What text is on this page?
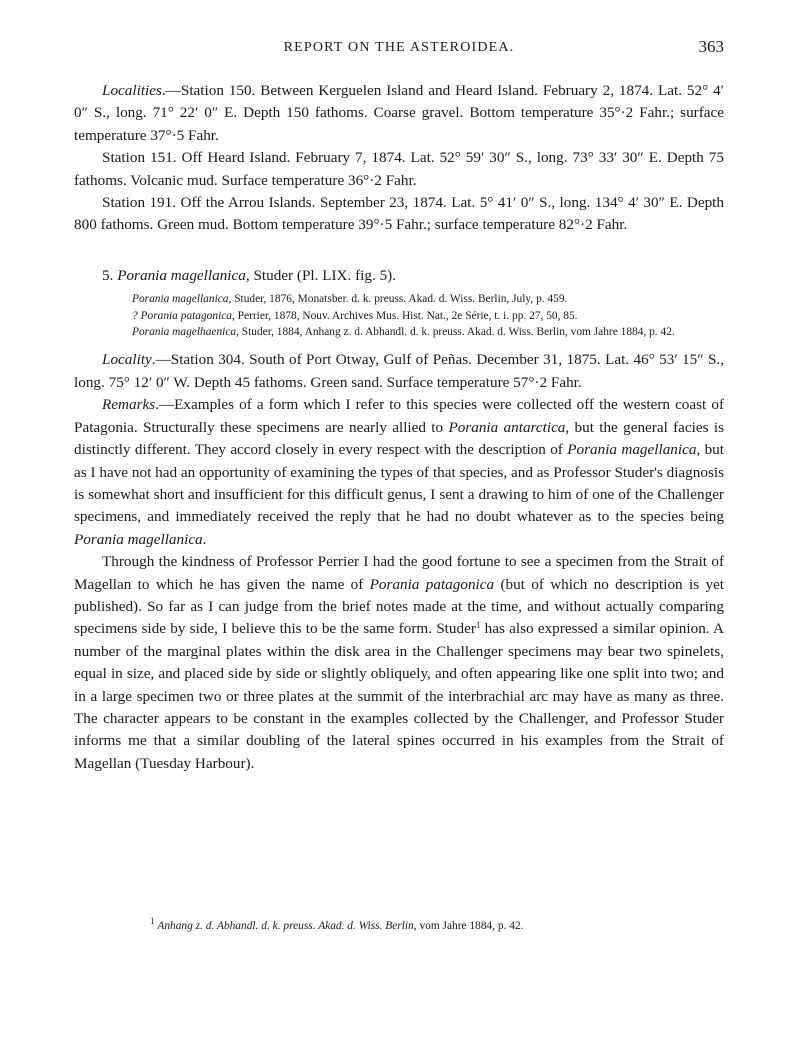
REPORT ON THE ASTEROIDEA.	363

Localities.—Station 150. Between Kerguelen Island and Heard Island. February 2, 1874. Lat. 52° 4′ 0″ S., long. 71° 22′ 0″ E. Depth 150 fathoms. Coarse gravel. Bottom temperature 35°·2 Fahr.; surface temperature 37°·5 Fahr.

Station 151. Off Heard Island. February 7, 1874. Lat. 52° 59′ 30″ S., long. 73° 33′ 30″ E. Depth 75 fathoms. Volcanic mud. Surface temperature 36°·2 Fahr.

Station 191. Off the Arrou Islands. September 23, 1874. Lat. 5° 41′ 0″ S., long. 134° 4′ 30″ E. Depth 800 fathoms. Green mud. Bottom temperature 39°·5 Fahr.; surface temperature 82°·2 Fahr.

5. Porania magellanica, Studer (Pl. LIX. fig. 5).

Porania magellanica, Studer, 1876, Monatsber. d. k. preuss. Akad. d. Wiss. Berlin, July, p. 459.
? Porania patagonica, Perrier, 1878, Nouv. Archives Mus. Hist. Nat., 2e Série, t. i. pp. 27, 50, 85.
Porania magelhaenica, Studer, 1884, Anhang z. d. Abhandl. d. k. preuss. Akad. d. Wiss. Berlin, vom Jahre 1884, p. 42.

Locality.—Station 304. South of Port Otway, Gulf of Peñas. December 31, 1875. Lat. 46° 53′ 15″ S., long. 75° 12′ 0″ W. Depth 45 fathoms. Green sand. Surface temperature 57°·2 Fahr.

Remarks.—Examples of a form which I refer to this species were collected off the western coast of Patagonia. Structurally these specimens are nearly allied to Porania antarctica, but the general facies is distinctly different. They accord closely in every respect with the description of Porania magellanica, but as I have not had an opportunity of examining the types of that species, and as Professor Studer's diagnosis is somewhat short and insufficient for this difficult genus, I sent a drawing to him of one of the Challenger specimens, and immediately received the reply that he had no doubt whatever as to the species being Porania magellanica.

Through the kindness of Professor Perrier I had the good fortune to see a specimen from the Strait of Magellan to which he has given the name of Porania patagonica (but of which no description is yet published). So far as I can judge from the brief notes made at the time, and without actually comparing specimens side by side, I believe this to be the same form. Studer$^1$ has also expressed a similar opinion. A number of the marginal plates within the disk area in the Challenger specimens may bear two spinelets, equal in size, and placed side by side or slightly obliquely, and often appearing like one split into two; and in a large specimen two or three plates at the summit of the interbrachial arc may have as many as three. The character appears to be constant in the examples collected by the Challenger, and Professor Studer informs me that a similar doubling of the lateral spines occurred in his examples from the Strait of Magellan (Tuesday Harbour).

$^1$ Anhang z. d. Abhandl. d. k. preuss. Akad. d. Wiss. Berlin, vom Jahre 1884, p. 42.
